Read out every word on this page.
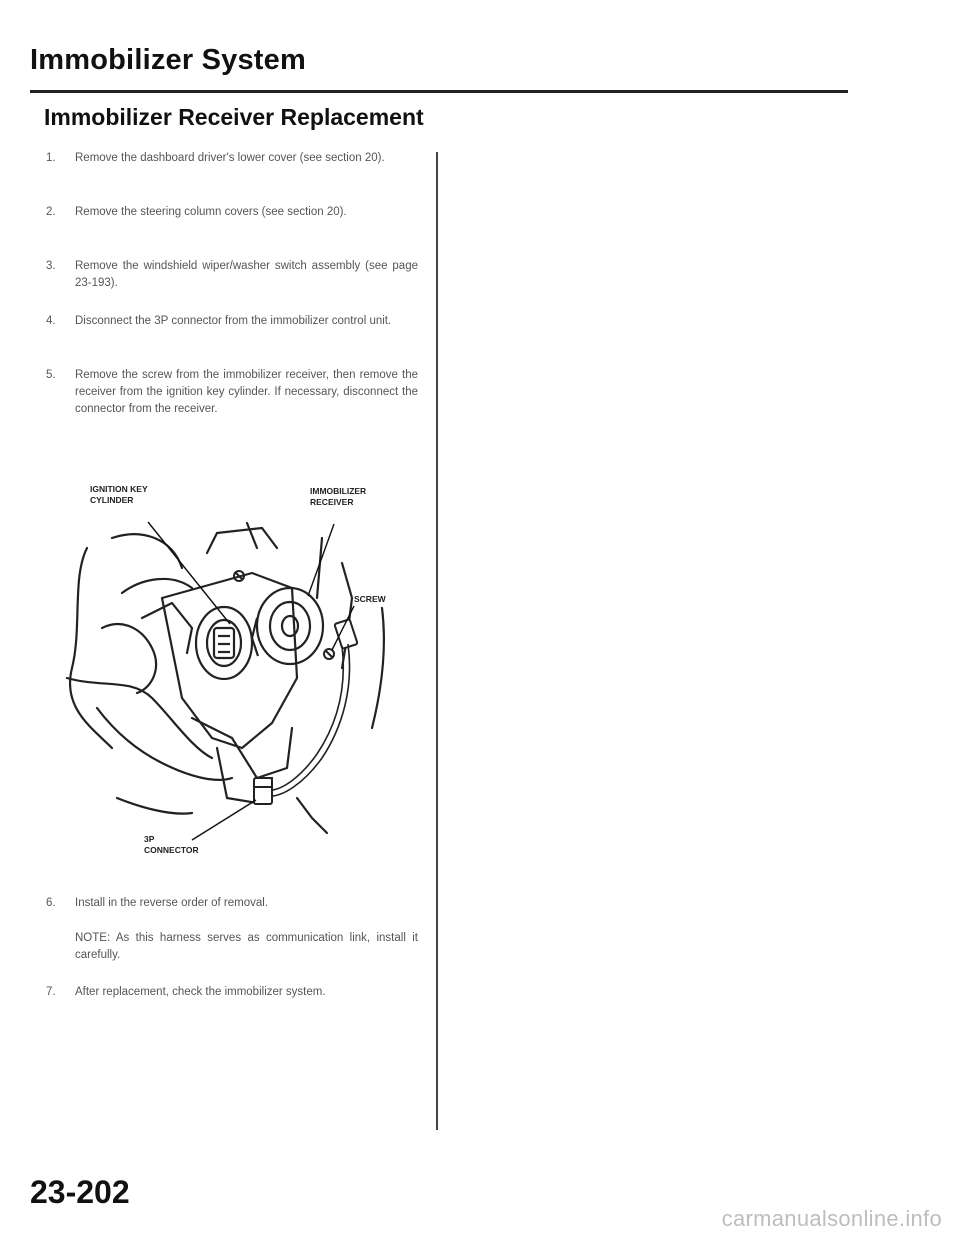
Immobilizer System
Immobilizer Receiver Replacement
1.	Remove the dashboard driver's lower cover (see section 20).
2.	Remove the steering column covers (see section 20).
3.	Remove the windshield wiper/washer switch assembly (see page 23-193).
4.	Disconnect the 3P connector from the immobilizer control unit.
5.	Remove the screw from the immobilizer receiver, then remove the receiver from the ignition key cylinder. If necessary, disconnect the connector from the receiver.
IGNITION KEY
CYLINDER
IMMOBILIZER
RECEIVER
SCREW
3P
CONNECTOR
6.	Install in the reverse order of removal.
NOTE: As this harness serves as communication link, install it carefully.
7.	After replacement, check the immobilizer system.
23-202
carmanualsonline.info
